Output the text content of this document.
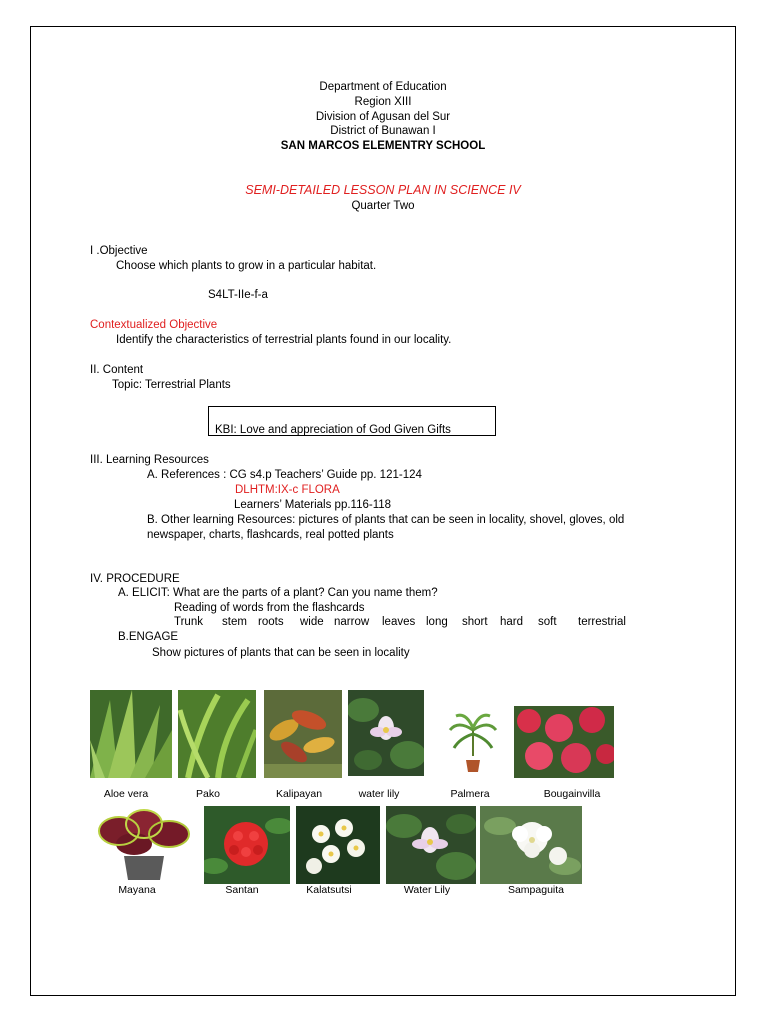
Department of Education
Region XIII
Division of Agusan del Sur
District of Bunawan I
SAN MARCOS ELEMENTRY SCHOOL
SEMI-DETAILED LESSON PLAN IN SCIENCE IV
Quarter Two
I .Objective
Choose which plants to grow in a particular habitat.
S4LT-IIe-f-a
Contextualized Objective
Identify the characteristics of terrestrial plants found in our locality.
II. Content
Topic: Terrestrial Plants
KBI: Love and appreciation of God Given Gifts
III. Learning Resources
A. References : CG s4.p Teachers’ Guide pp. 121-124
DLHTM:IX-c FLORA
Learners’ Materials pp.116-118
B. Other learning Resources: pictures of plants that can be seen in locality, shovel, gloves, old
newspaper, charts, flashcards, real potted plants
IV. PROCEDURE
A. ELICIT: What are the parts of a plant? Can you name them?
Reading of words from the flashcards
Trunk stem roots wide narrow leaves long short hard soft terrestrial
B.ENGAGE
Show pictures of plants that can be seen in locality
Aloe vera	Pako	Kalipayan	water lily	Palmera	Bougainvilla
Mayana	Santan	Kalatsutsi	Water Lily	Sampaguita
